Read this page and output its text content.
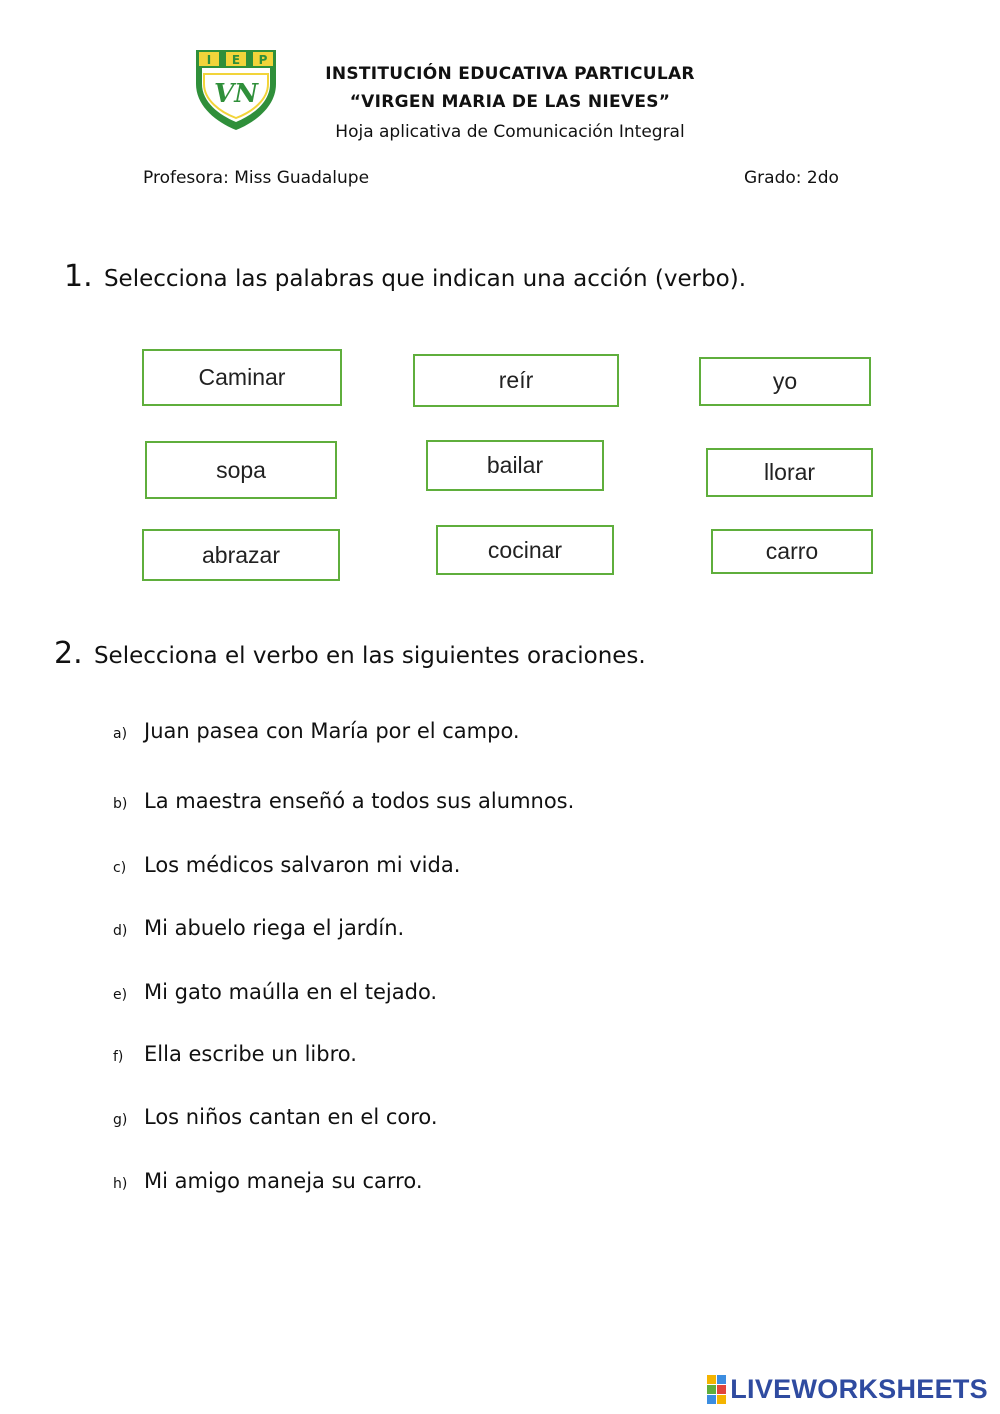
I E P
VN
INSTITUCIÓN EDUCATIVA PARTICULAR
“VIRGEN MARIA DE LAS NIEVES”
Hoja aplicativa de Comunicación Integral
Profesora: Miss Guadalupe	Grado: 2do
1. Selecciona las palabras que indican una acción (verbo).
Caminar	reír	yo
sopa	bailar	llorar
abrazar	cocinar	carro
2. Selecciona el verbo en las siguientes oraciones.
a) Juan pasea con María por el campo.
b) La maestra enseñó a todos sus alumnos.
c) Los médicos salvaron mi vida.
d) Mi abuelo riega el jardín.
e) Mi gato maúlla en el tejado.
f) Ella escribe un libro.
g) Los niños cantan en el coro.
h) Mi amigo maneja su carro.
LIVEWORKSHEETS
